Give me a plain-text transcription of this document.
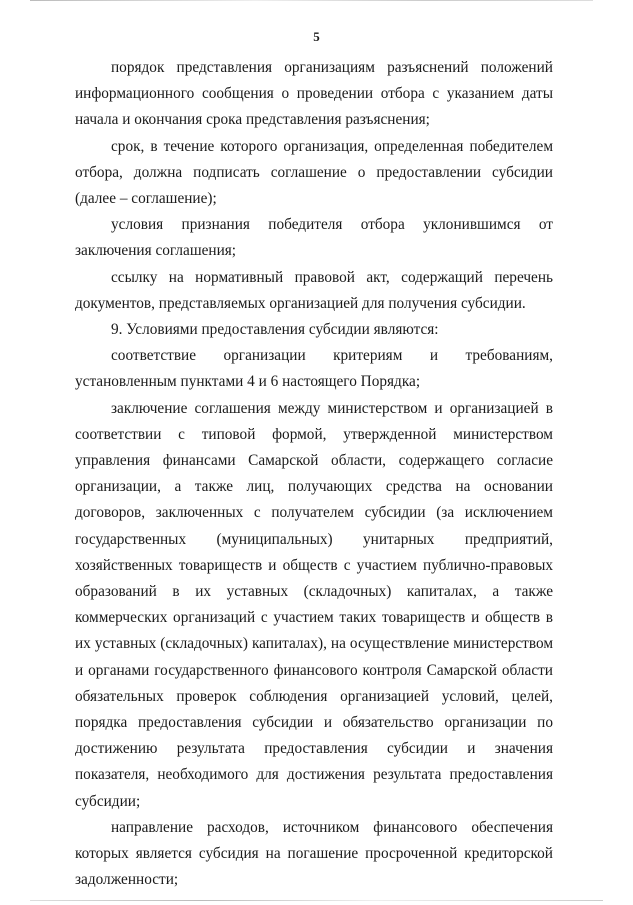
5

порядок представления организациям разъяснений положений информационного сообщения о проведении отбора с указанием даты начала и окончания срока представления разъяснения;

срок, в течение которого организация, определенная победителем отбора, должна подписать соглашение о предоставлении субсидии (далее – соглашение);

условия признания победителя отбора уклонившимся от заключения соглашения;

ссылку на нормативный правовой акт, содержащий перечень документов, представляемых организацией для получения субсидии.

9. Условиями предоставления субсидии являются:

соответствие организации критериям и требованиям, установленным пунктами 4 и 6 настоящего Порядка;

заключение соглашения между министерством и организацией в соответствии с типовой формой, утвержденной министерством управления финансами Самарской области, содержащего согласие организации, а также лиц, получающих средства на основании договоров, заключенных с получателем субсидии (за исключением государственных (муниципальных) унитарных предприятий, хозяйственных товариществ и обществ с участием публично-правовых образований в их уставных (складочных) капиталах, а также коммерческих организаций с участием таких товариществ и обществ в их уставных (складочных) капиталах), на осуществление министерством и органами государственного финансового контроля Самарской области обязательных проверок соблюдения организацией условий, целей, порядка предоставления субсидии и обязательство организации по достижению результата предоставления субсидии и значения показателя, необходимого для достижения результата предоставления субсидии;

направление расходов, источником финансового обеспечения которых является субсидия на погашение просроченной кредиторской задолженности;
